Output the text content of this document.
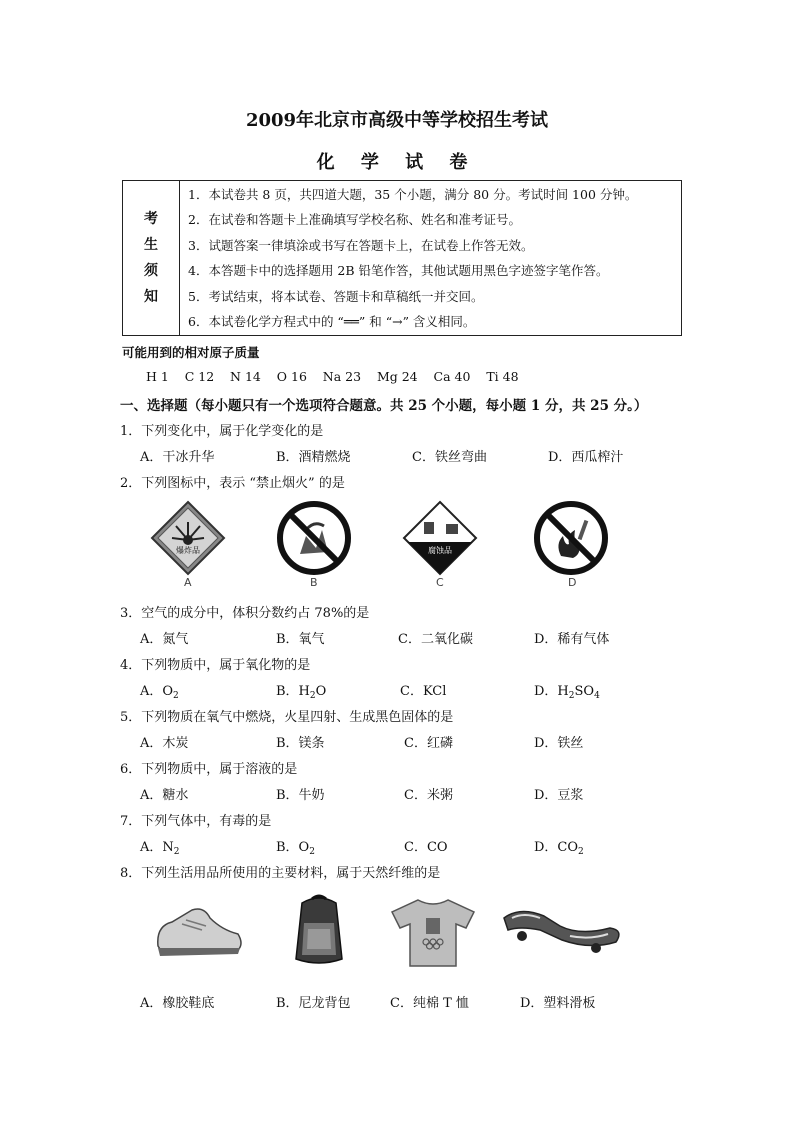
2009年北京市高级中等学校招生考试
化 学 试 卷
考
生
须
知

1．本试卷共 8 页，共四道大题，35 个小题，满分 80 分。考试时间 100 分钟。
2．在试卷和答题卡上准确填写学校名称、姓名和准考证号。
3．试题答案一律填涂或书写在答题卡上，在试卷上作答无效。
4．本答题卡中的选择题用 2B 铅笔作答，其他试题用黑色字迹签字笔作答。
5．考试结束，将本试卷、答题卡和草稿纸一并交回。
6．本试卷化学方程式中的 “══” 和 “→” 含义相同。
可能用到的相对原子质量
H 1    C 12    N 14    O 16    Na 23    Mg 24    Ca 40    Ti 48
一、选择题（每小题只有一个选项符合题意。共 25 个小题，每小题 1 分，共 25 分。）
1．下列变化中，属于化学变化的是
A．干冰升华	B．酒精燃烧	C．铁丝弯曲	D．西瓜榨汁
2．下列图标中，表示 “禁止烟火” 的是
爆炸品	腐蚀品
A	B	C	D
3．空气的成分中，体积分数约占 78%的是
A．氮气	B．氧气	C．二氧化碳	D．稀有气体
4．下列物质中，属于氧化物的是
A．$O_2$	B．$H_2O$	C．KCl	D．$H_2SO_4$
5．下列物质在氧气中燃烧，火星四射、生成黑色固体的是
A．木炭	B．镁条	C．红磷	D．铁丝
6．下列物质中，属于溶液的是
A．糖水	B．牛奶	C．米粥	D．豆浆
7．下列气体中，有毒的是
A．$N_2$	B．$O_2$	C．CO	D．$CO_2$
8．下列生活用品所使用的主要材料，属于天然纤维的是
A．橡胶鞋底	B．尼龙背包	C．纯棉 T 恤	D．塑料滑板
